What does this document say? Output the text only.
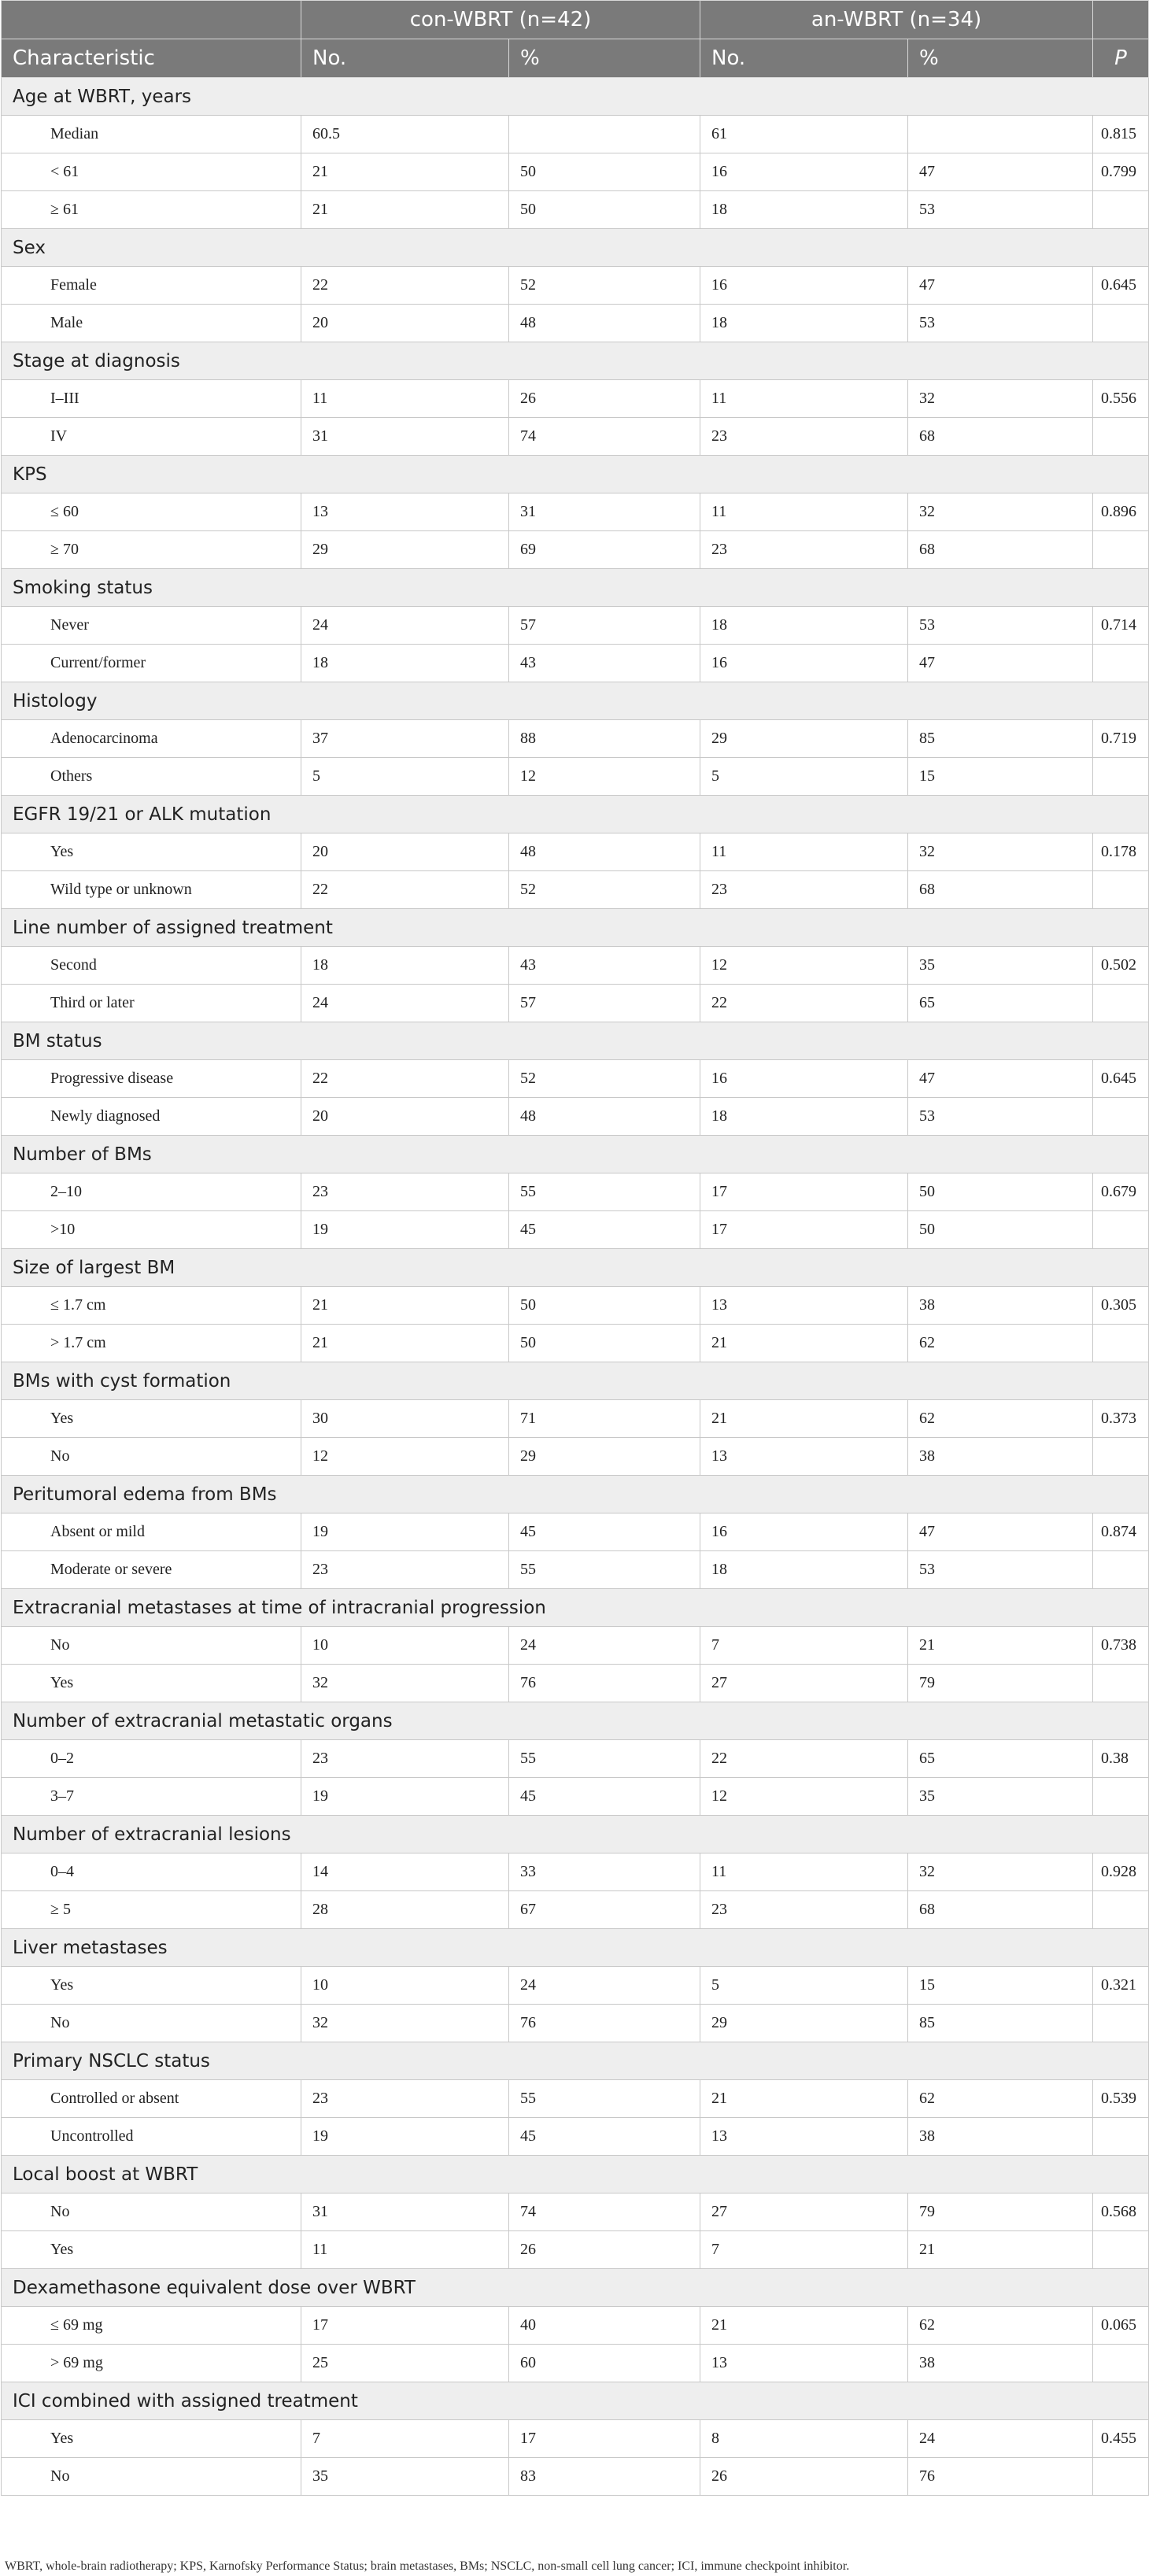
	con-WBRT (n=42)		an-WBRT (n=34)		
Characteristic	No.	%	No.	%	P
Age at WBRT, years					
Median	60.5		61		0.815
< 61	21	50	16	47	0.799
≥ 61	21	50	18	53	
Sex					
Female	22	52	16	47	0.645
Male	20	48	18	53	
Stage at diagnosis					
I–III	11	26	11	32	0.556
IV	31	74	23	68	
KPS					
≤ 60	13	31	11	32	0.896
≥ 70	29	69	23	68	
Smoking status					
Never	24	57	18	53	0.714
Current/former	18	43	16	47	
Histology					
Adenocarcinoma	37	88	29	85	0.719
Others	5	12	5	15	
EGFR 19/21 or ALK mutation					
Yes	20	48	11	32	0.178
Wild type or unknown	22	52	23	68	
Line number of assigned treatment					
Second	18	43	12	35	0.502
Third or later	24	57	22	65	
BM status					
Progressive disease	22	52	16	47	0.645
Newly diagnosed	20	48	18	53	
Number of BMs					
2–10	23	55	17	50	0.679
>10	19	45	17	50	
Size of largest BM					
≤ 1.7 cm	21	50	13	38	0.305
> 1.7 cm	21	50	21	62	
BMs with cyst formation					
Yes	30	71	21	62	0.373
No	12	29	13	38	
Peritumoral edema from BMs					
Absent or mild	19	45	16	47	0.874
Moderate or severe	23	55	18	53	
Extracranial metastases at time of intracranial progression					
No	10	24	7	21	0.738
Yes	32	76	27	79	
Number of extracranial metastatic organs					
0–2	23	55	22	65	0.38
3–7	19	45	12	35	
Number of extracranial lesions					
0–4	14	33	11	32	0.928
≥ 5	28	67	23	68	
Liver metastases					
Yes	10	24	5	15	0.321
No	32	76	29	85	
Primary NSCLC status					
Controlled or absent	23	55	21	62	0.539
Uncontrolled	19	45	13	38	
Local boost at WBRT					
No	31	74	27	79	0.568
Yes	11	26	7	21	
Dexamethasone equivalent dose over WBRT					
≤ 69 mg	17	40	21	62	0.065
> 69 mg	25	60	13	38	
ICI combined with assigned treatment					
Yes	7	17	8	24	0.455
No	35	83	26	76	
WBRT, whole-brain radiotherapy; KPS, Karnofsky Performance Status; brain metastases, BMs; NSCLC, non-small cell lung cancer; ICI, immune checkpoint inhibitor.
